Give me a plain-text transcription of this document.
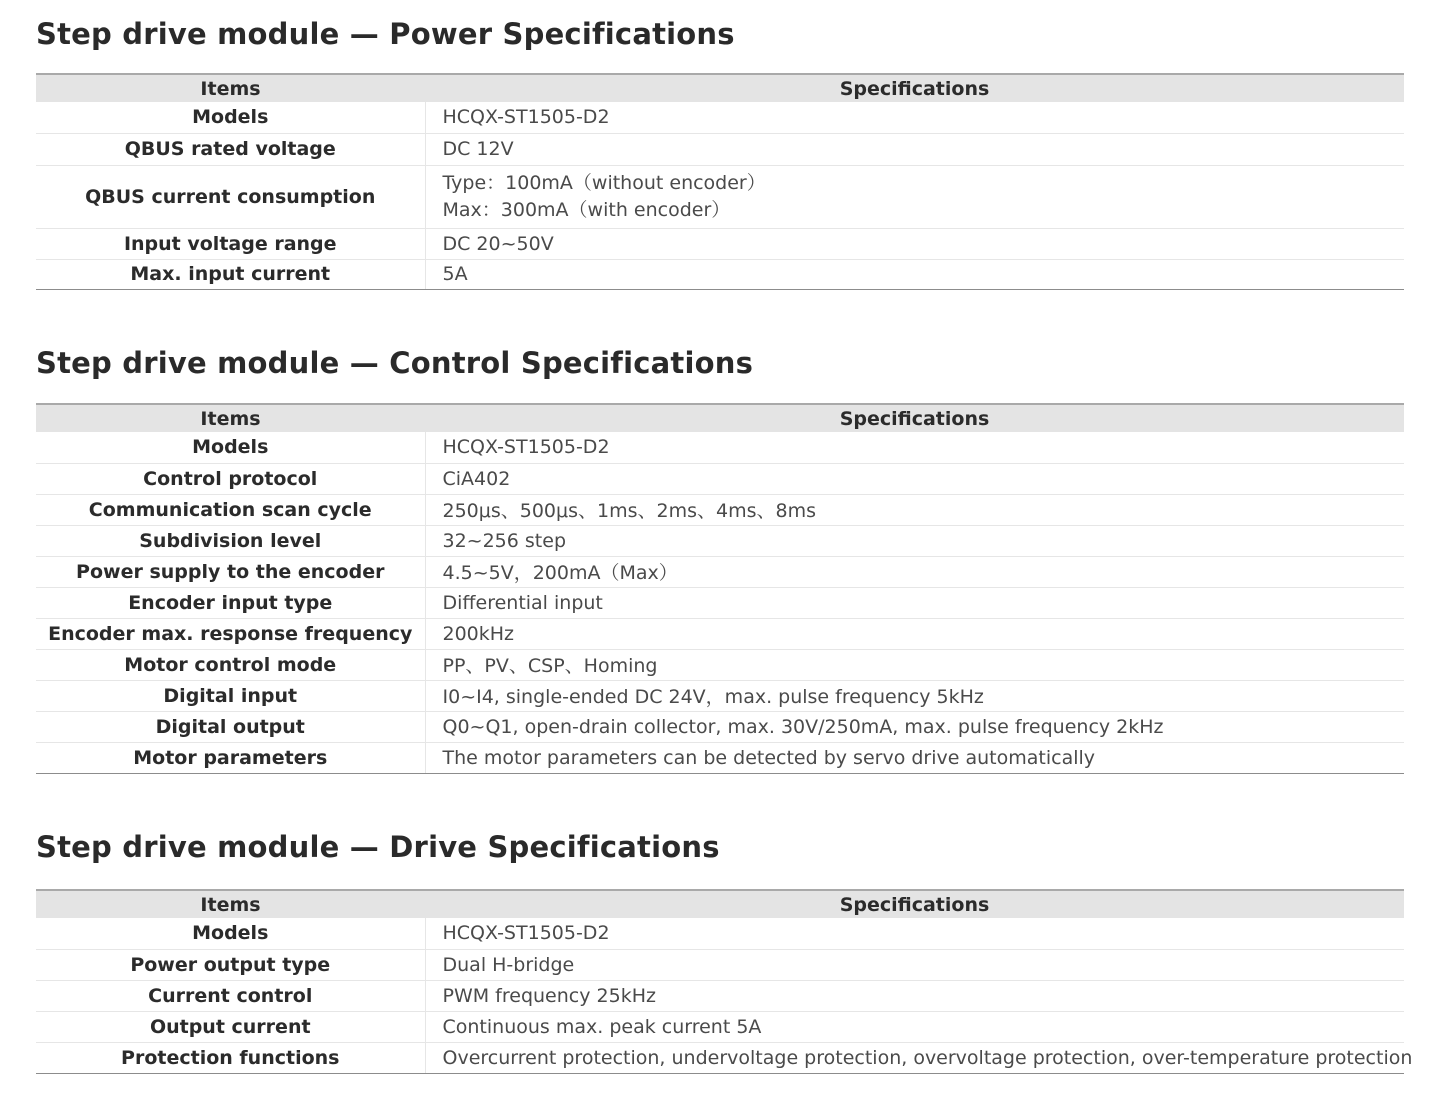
Step drive module — Power Specifications
Items	Specifications
Models	HCQX-ST1505-D2
QBUS rated voltage	DC 12V
QBUS current consumption	Type：100mA（without encoder）
Max：300mA（with encoder）

Input voltage range	DC 20~50V
Max. input current	5A
Step drive module — Control Specifications
Items	Specifications
Models	HCQX-ST1505-D2
Control protocol	CiA402
Communication scan cycle	250μs、500μs、1ms、2ms、4ms、8ms
Subdivision level	32~256 step
Power supply to the encoder	4.5~5V，200mA（Max）
Encoder input type	Differential input
Encoder max. response frequency	200kHz
Motor control mode	PP、PV、CSP、Homing
Digital input	I0~I4, single-ended DC 24V，max. pulse frequency 5kHz
Digital output	Q0~Q1, open-drain collector, max. 30V/250mA, max. pulse frequency 2kHz
Motor parameters	The motor parameters can be detected by servo drive automatically
Step drive module — Drive Specifications
Items	Specifications
Models	HCQX-ST1505-D2
Power output type	Dual H-bridge
Current control	PWM frequency 25kHz
Output current	Continuous max. peak current 5A
Protection functions	Overcurrent protection, undervoltage protection, overvoltage protection, over-temperature protection
